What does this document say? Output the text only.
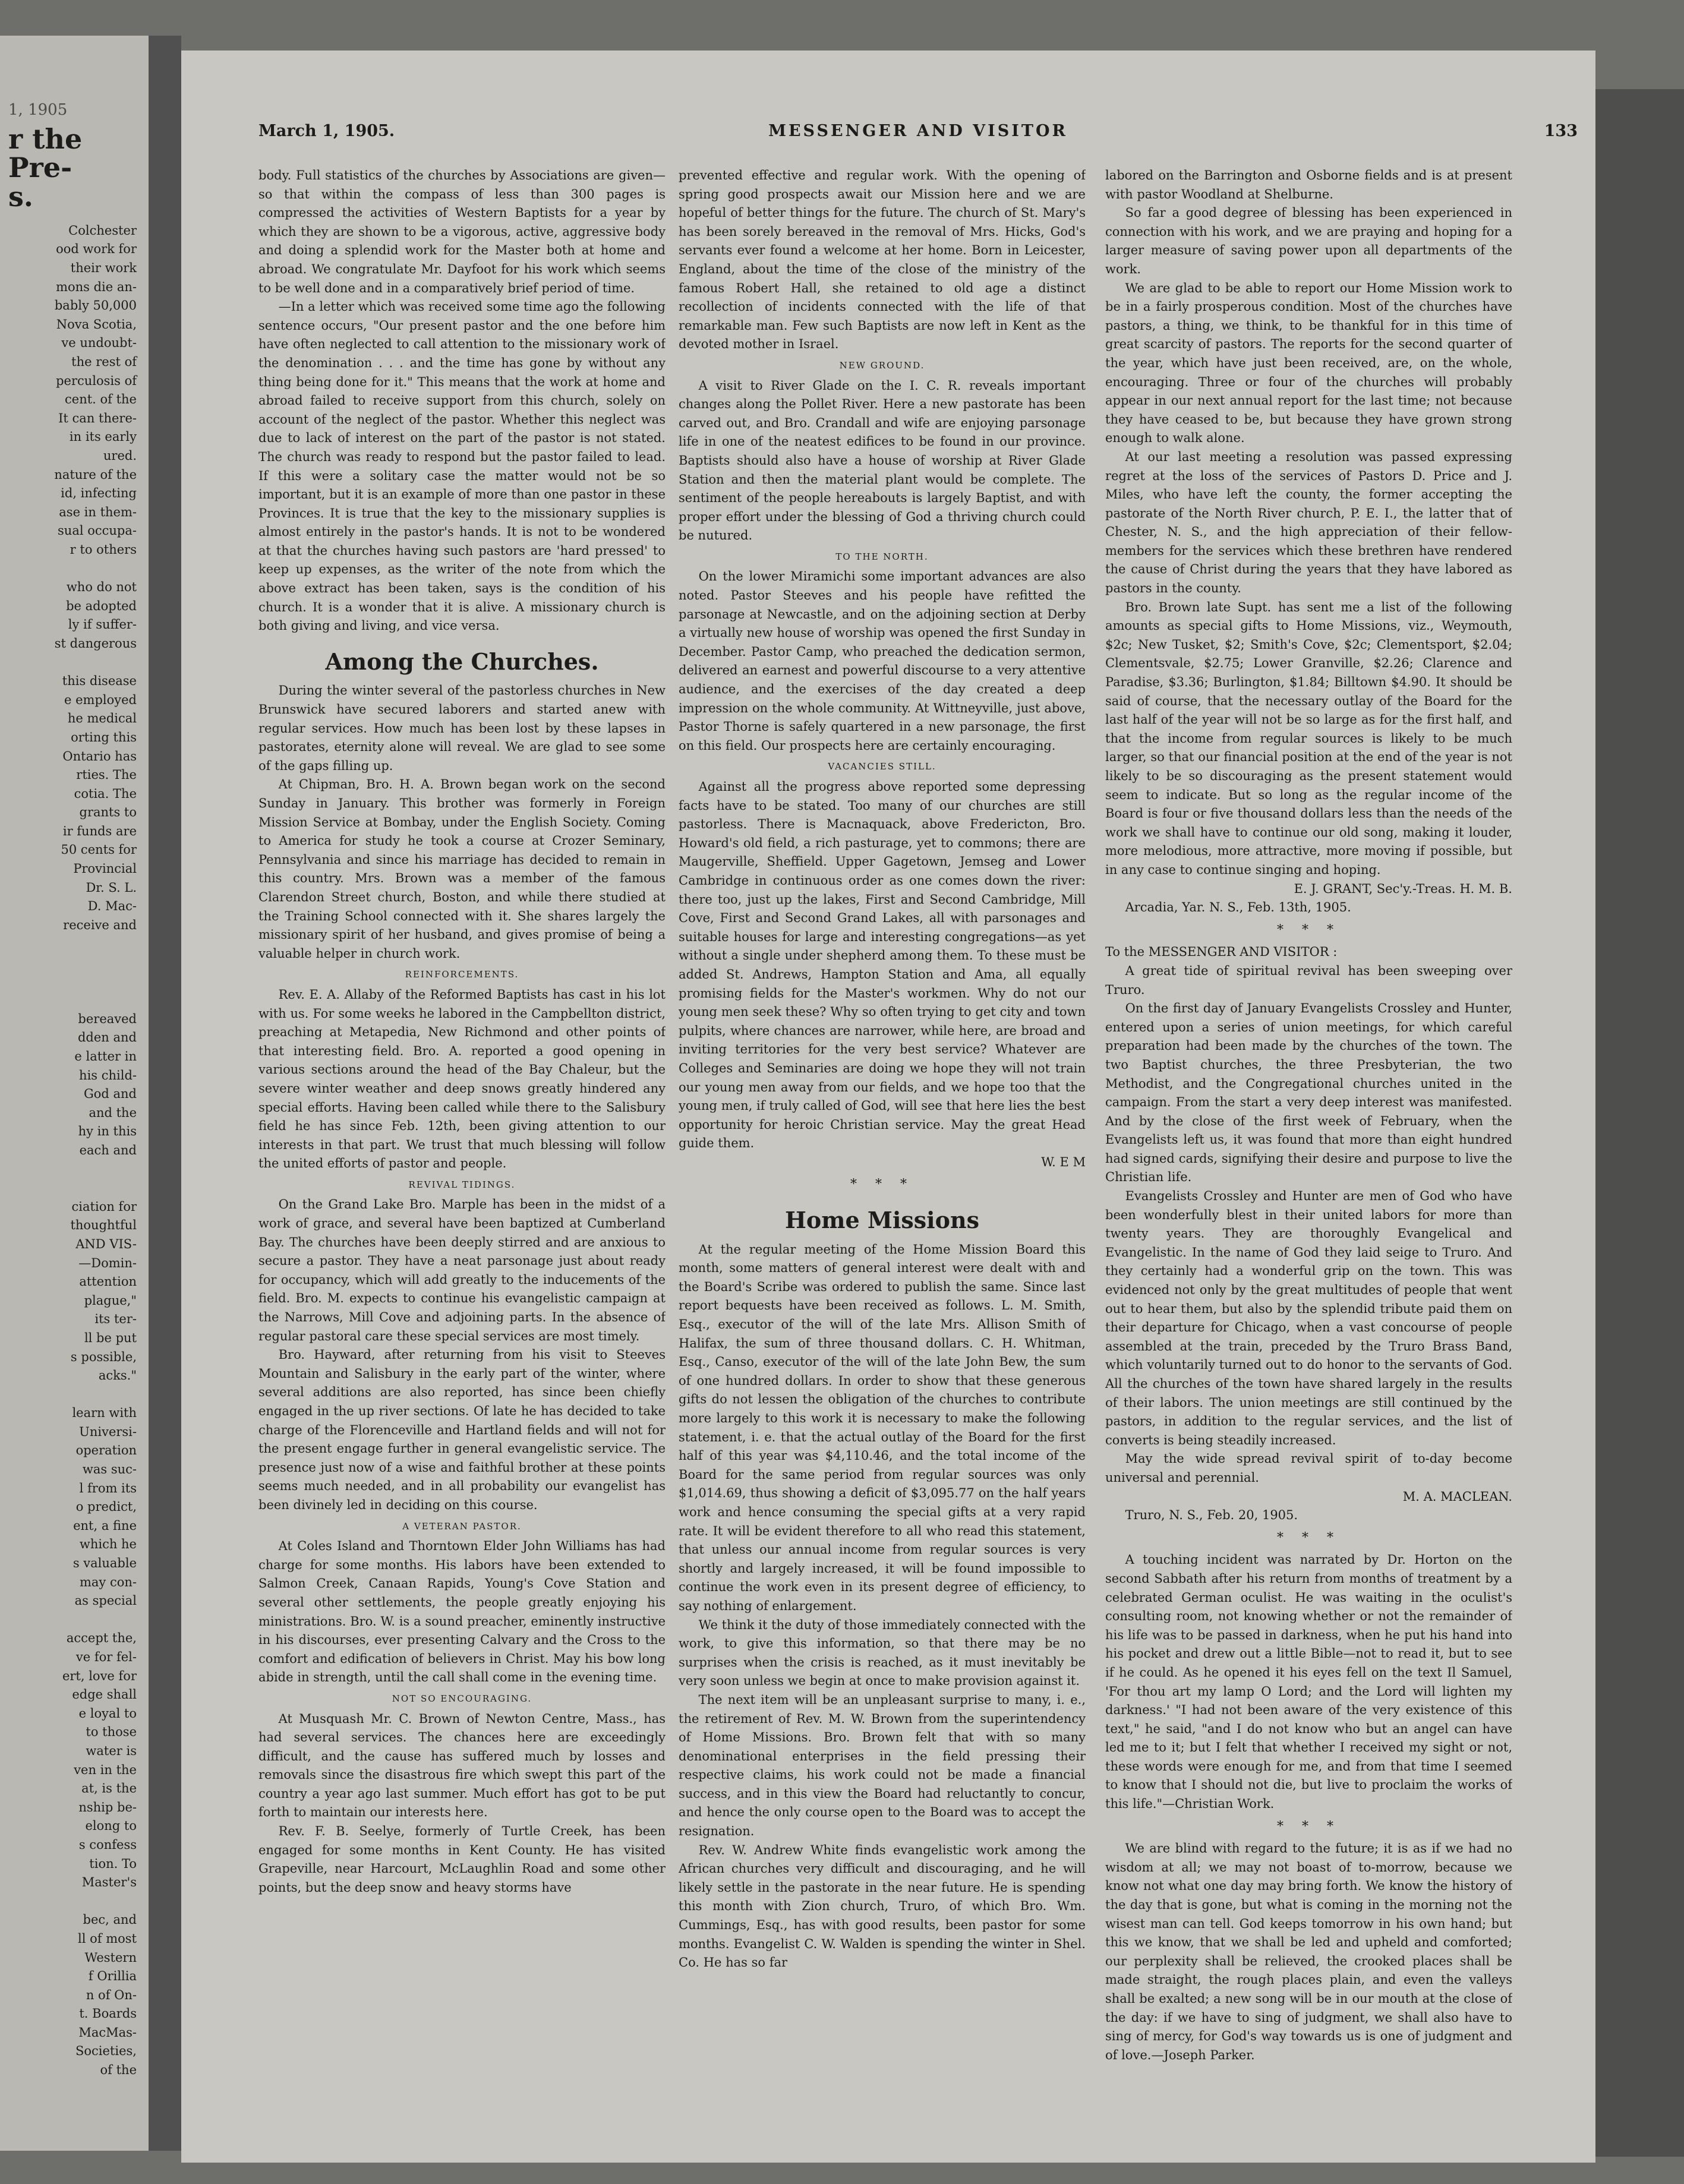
1, 1905
r the Pre-
s.
Colchester
ood work for
their work
mons die an-
bably 50,000
Nova Scotia,
ve undoubt-
the rest of
perculosis of
cent. of the
It can there-
in its early
ured.
nature of the
id, infecting
ase in them-
sual occupa-
r to others

who do not
be adopted
ly if suffer-
st dangerous

this disease
e employed
he medical
orting this
Ontario has
rties. The
cotia. The
grants to
ir funds are
50 cents for
Provincial
Dr. S. L.
D. Mac-
receive and

bereaved
dden and
e latter in
his child-
God and
and the
hy in this
each and

ciation for
thoughtful
AND VIS-
—Domin-
attention
plague,"
its ter-
ll be put
s possible,
acks."

learn with
Universi-
operation
was suc-
l from its
o predict,
ent, a fine
which he
s valuable
may con-
as special

accept the,
ve for fel-
ert, love for
edge shall
e loyal to
to those
water is
ven in the
at, is the
nship be-
elong to
s confess
tion. To
Master's

bec, and
ll of most
Western
f Orillia
n of On-
t. Boards
MacMas-
Societies,
of the
March 1, 1905.	MESSENGER AND VISITOR	133

body. Full statistics of the churches by Associations are given—so that within the compass of less than 300 pages is compressed the activities of Western Baptists for a year by which they are shown to be a vigorous, active, aggressive body and doing a splendid work for the Master both at home and abroad. We congratulate Mr. Dayfoot for his work which seems to be well done and in a comparatively brief period of time.

—In a letter which was received some time ago the following sentence occurs, "Our present pastor and the one before him have often neglected to call attention to the missionary work of the denomination . . . and the time has gone by without any thing being done for it." This means that the work at home and abroad failed to receive support from this church, solely on account of the neglect of the pastor. Whether this neglect was due to lack of interest on the part of the pastor is not stated. The church was ready to respond but the pastor failed to lead. If this were a solitary case the matter would not be so important, but it is an example of more than one pastor in these Provinces. It is true that the key to the missionary supplies is almost entirely in the pastor's hands. It is not to be wondered at that the churches having such pastors are 'hard pressed' to keep up expenses, as the writer of the note from which the above extract has been taken, says is the condition of his church. It is a wonder that it is alive. A missionary church is both giving and living, and vice versa.

Among the Churches.

During the winter several of the pastorless churches in New Brunswick have secured laborers and started anew with regular services. How much has been lost by these lapses in pastorates, eternity alone will reveal. We are glad to see some of the gaps filling up.

At Chipman, Bro. H. A. Brown began work on the second Sunday in January. This brother was formerly in Foreign Mission Service at Bombay, under the English Society. Coming to America for study he took a course at Crozer Seminary, Pennsylvania and since his marriage has decided to remain in this country. Mrs. Brown was a member of the famous Clarendon Street church, Boston, and while there studied at the Training School connected with it. She shares largely the missionary spirit of her husband, and gives promise of being a valuable helper in church work.

REINFORCEMENTS.

Rev. E. A. Allaby of the Reformed Baptists has cast in his lot with us. For some weeks he labored in the Campbellton district, preaching at Metapedia, New Richmond and other points of that interesting field. Bro. A. reported a good opening in various sections around the head of the Bay Chaleur, but the severe winter weather and deep snows greatly hindered any special efforts. Having been called while there to the Salisbury field he has since Feb. 12th, been giving attention to our interests in that part. We trust that much blessing will follow the united efforts of pastor and people.

REVIVAL TIDINGS.

On the Grand Lake Bro. Marple has been in the midst of a work of grace, and several have been baptized at Cumberland Bay. The churches have been deeply stirred and are anxious to secure a pastor. They have a neat parsonage just about ready for occupancy, which will add greatly to the inducements of the field. Bro. M. expects to continue his evangelistic campaign at the Narrows, Mill Cove and adjoining parts. In the absence of regular pastoral care these special services are most timely.

Bro. Hayward, after returning from his visit to Steeves Mountain and Salisbury in the early part of the winter, where several additions are also reported, has since been chiefly engaged in the up river sections. Of late he has decided to take charge of the Florenceville and Hartland fields and will not for the present engage further in general evangelistic service. The presence just now of a wise and faithful brother at these points seems much needed, and in all probability our evangelist has been divinely led in deciding on this course.

A VETERAN PASTOR.

At Coles Island and Thorntown Elder John Williams has had charge for some months. His labors have been extended to Salmon Creek, Canaan Rapids, Young's Cove Station and several other settlements, the people greatly enjoying his ministrations. Bro. W. is a sound preacher, eminently instructive in his discourses, ever presenting Calvary and the Cross to the comfort and edification of believers in Christ. May his bow long abide in strength, until the call shall come in the evening time.

NOT SO ENCOURAGING.

At Musquash Mr. C. Brown of Newton Centre, Mass., has had several services. The chances here are exceedingly difficult, and the cause has suffered much by losses and removals since the disastrous fire which swept this part of the country a year ago last summer. Much effort has got to be put forth to maintain our interests here.

Rev. F. B. Seelye, formerly of Turtle Creek, has been engaged for some months in Kent County. He has visited Grapeville, near Harcourt, McLaughlin Road and some other points, but the deep snow and heavy storms have

prevented effective and regular work. With the opening of spring good prospects await our Mission here and we are hopeful of better things for the future. The church of St. Mary's has been sorely bereaved in the removal of Mrs. Hicks, God's servants ever found a welcome at her home. Born in Leicester, England, about the time of the close of the ministry of the famous Robert Hall, she retained to old age a distinct recollection of incidents connected with the life of that remarkable man. Few such Baptists are now left in Kent as the devoted mother in Israel.

NEW GROUND.

A visit to River Glade on the I. C. R. reveals important changes along the Pollet River. Here a new pastorate has been carved out, and Bro. Crandall and wife are enjoying parsonage life in one of the neatest edifices to be found in our province. Baptists should also have a house of worship at River Glade Station and then the material plant would be complete. The sentiment of the people hereabouts is largely Baptist, and with proper effort under the blessing of God a thriving church could be nutured.

TO THE NORTH.

On the lower Miramichi some important advances are also noted. Pastor Steeves and his people have refitted the parsonage at Newcastle, and on the adjoining section at Derby a virtually new house of worship was opened the first Sunday in December. Pastor Camp, who preached the dedication sermon, delivered an earnest and powerful discourse to a very attentive audience, and the exercises of the day created a deep impression on the whole community. At Wittneyville, just above, Pastor Thorne is safely quartered in a new parsonage, the first on this field. Our prospects here are certainly encouraging.

VACANCIES STILL.

Against all the progress above reported some depressing facts have to be stated. Too many of our churches are still pastorless. There is Macnaquack, above Fredericton, Bro. Howard's old field, a rich pasturage, yet to commons; there are Maugerville, Sheffield. Upper Gagetown, Jemseg and Lower Cambridge in continuous order as one comes down the river: there too, just up the lakes, First and Second Cambridge, Mill Cove, First and Second Grand Lakes, all with parsonages and suitable houses for large and interesting congregations—as yet without a single under shepherd among them. To these must be added St. Andrews, Hampton Station and Ama, all equally promising fields for the Master's workmen. Why do not our young men seek these? Why so often trying to get city and town pulpits, where chances are narrower, while here, are broad and inviting territories for the very best service? Whatever are Colleges and Seminaries are doing we hope they will not train our young men away from our fields, and we hope too that the young men, if truly called of God, will see that here lies the best opportunity for heroic Christian service. May the great Head guide them.

W. E M
* * *
Home Missions

At the regular meeting of the Home Mission Board this month, some matters of general interest were dealt with and the Board's Scribe was ordered to publish the same. Since last report bequests have been received as follows. L. M. Smith, Esq., executor of the will of the late Mrs. Allison Smith of Halifax, the sum of three thousand dollars. C. H. Whitman, Esq., Canso, executor of the will of the late John Bew, the sum of one hundred dollars. In order to show that these generous gifts do not lessen the obligation of the churches to contribute more largely to this work it is necessary to make the following statement, i. e. that the actual outlay of the Board for the first half of this year was $4,110.46, and the total income of the Board for the same period from regular sources was only $1,014.69, thus showing a deficit of $3,095.77 on the half years work and hence consuming the special gifts at a very rapid rate. It will be evident therefore to all who read this statement, that unless our annual income from regular sources is very shortly and largely increased, it will be found impossible to continue the work even in its present degree of efficiency, to say nothing of enlargement.

We think it the duty of those immediately connected with the work, to give this information, so that there may be no surprises when the crisis is reached, as it must inevitably be very soon unless we begin at once to make provision against it.

The next item will be an unpleasant surprise to many, i. e., the retirement of Rev. M. W. Brown from the superintendency of Home Missions. Bro. Brown felt that with so many denominational enterprises in the field pressing their respective claims, his work could not be made a financial success, and in this view the Board had reluctantly to concur, and hence the only course open to the Board was to accept the resignation.

Rev. W. Andrew White finds evangelistic work among the African churches very difficult and discouraging, and he will likely settle in the pastorate in the near future. He is spending this month with Zion church, Truro, of which Bro. Wm. Cummings, Esq., has with good results, been pastor for some months. Evangelist C. W. Walden is spending the winter in Shel. Co. He has so far

labored on the Barrington and Osborne fields and is at present with pastor Woodland at Shelburne.

So far a good degree of blessing has been experienced in connection with his work, and we are praying and hoping for a larger measure of saving power upon all departments of the work.

We are glad to be able to report our Home Mission work to be in a fairly prosperous condition. Most of the churches have pastors, a thing, we think, to be thankful for in this time of great scarcity of pastors. The reports for the second quarter of the year, which have just been received, are, on the whole, encouraging. Three or four of the churches will probably appear in our next annual report for the last time; not because they have ceased to be, but because they have grown strong enough to walk alone.

At our last meeting a resolution was passed expressing regret at the loss of the services of Pastors D. Price and J. Miles, who have left the county, the former accepting the pastorate of the North River church, P. E. I., the latter that of Chester, N. S., and the high appreciation of their fellow-members for the services which these brethren have rendered the cause of Christ during the years that they have labored as pastors in the county.

Bro. Brown late Supt. has sent me a list of the following amounts as special gifts to Home Missions, viz., Weymouth, $2c; New Tusket, $2; Smith's Cove, $2c; Clementsport, $2.04; Clementsvale, $2.75; Lower Granville, $2.26; Clarence and Paradise, $3.36; Burlington, $1.84; Billtown $4.90. It should be said of course, that the necessary outlay of the Board for the last half of the year will not be so large as for the first half, and that the income from regular sources is likely to be much larger, so that our financial position at the end of the year is not likely to be so discouraging as the present statement would seem to indicate. But so long as the regular income of the Board is four or five thousand dollars less than the needs of the work we shall have to continue our old song, making it louder, more melodious, more attractive, more moving if possible, but in any case to continue singing and hoping.

E. J. GRANT, Sec'y.-Treas. H. M. B.

Arcadia, Yar. N. S., Feb. 13th, 1905.

* * *

To the MESSENGER AND VISITOR :

A great tide of spiritual revival has been sweeping over Truro.

On the first day of January Evangelists Crossley and Hunter, entered upon a series of union meetings, for which careful preparation had been made by the churches of the town. The two Baptist churches, the three Presbyterian, the two Methodist, and the Congregational churches united in the campaign. From the start a very deep interest was manifested. And by the close of the first week of February, when the Evangelists left us, it was found that more than eight hundred had signed cards, signifying their desire and purpose to live the Christian life.

Evangelists Crossley and Hunter are men of God who have been wonderfully blest in their united labors for more than twenty years. They are thoroughly Evangelical and Evangelistic. In the name of God they laid seige to Truro. And they certainly had a wonderful grip on the town. This was evidenced not only by the great multitudes of people that went out to hear them, but also by the splendid tribute paid them on their departure for Chicago, when a vast concourse of people assembled at the train, preceded by the Truro Brass Band, which voluntarily turned out to do honor to the servants of God. All the churches of the town have shared largely in the results of their labors. The union meetings are still continued by the pastors, in addition to the regular services, and the list of converts is being steadily increased.

May the wide spread revival spirit of to-day become universal and perennial.

M. A. MACLEAN.

Truro, N. S., Feb. 20, 1905.

* * *

A touching incident was narrated by Dr. Horton on the second Sabbath after his return from months of treatment by a celebrated German oculist. He was waiting in the oculist's consulting room, not knowing whether or not the remainder of his life was to be passed in darkness, when he put his hand into his pocket and drew out a little Bible—not to read it, but to see if he could. As he opened it his eyes fell on the text Il Samuel, 'For thou art my lamp O Lord; and the Lord will lighten my darkness.' "I had not been aware of the very existence of this text," he said, "and I do not know who but an angel can have led me to it; but I felt that whether I received my sight or not, these words were enough for me, and from that time I seemed to know that I should not die, but live to proclaim the works of this life."—Christian Work.

* * *

We are blind with regard to the future; it is as if we had no wisdom at all; we may not boast of to-morrow, because we know not what one day may bring forth. We know the history of the day that is gone, but what is coming in the morning not the wisest man can tell. God keeps tomorrow in his own hand; but this we know, that we shall be led and upheld and comforted; our perplexity shall be relieved, the crooked places shall be made straight, the rough places plain, and even the valleys shall be exalted; a new song will be in our mouth at the close of the day: if we have to sing of judgment, we shall also have to sing of mercy, for God's way towards us is one of judgment and of love.—Joseph Parker.
